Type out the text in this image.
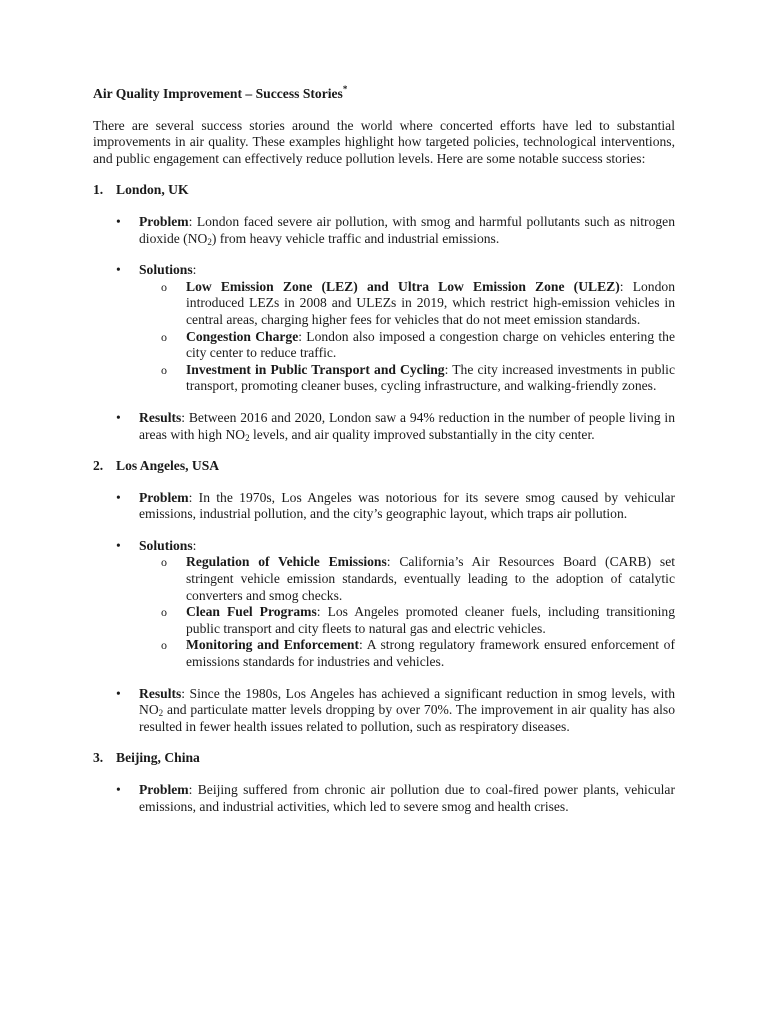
Air Quality Improvement – Success Stories*

There are several success stories around the world where concerted efforts have led to substantial improvements in air quality. These examples highlight how targeted policies, technological interventions, and public engagement can effectively reduce pollution levels. Here are some notable success stories:

1. London, UK
• Problem: London faced severe air pollution, with smog and harmful pollutants such as nitrogen dioxide $(NO_2)$ from heavy vehicle traffic and industrial emissions.
• Solutions:
o Low Emission Zone (LEZ) and Ultra Low Emission Zone (ULEZ): London introduced LEZs in 2008 and ULEZs in 2019, which restrict high-emission vehicles in central areas, charging higher fees for vehicles that do not meet emission standards.
o Congestion Charge: London also imposed a congestion charge on vehicles entering the city center to reduce traffic.
o Investment in Public Transport and Cycling: The city increased investments in public transport, promoting cleaner buses, cycling infrastructure, and walking-friendly zones.
• Results: Between 2016 and 2020, London saw a 94% reduction in the number of people living in areas with high $NO_2$ levels, and air quality improved substantially in the city center.
2. Los Angeles, USA
• Problem: In the 1970s, Los Angeles was notorious for its severe smog caused by vehicular emissions, industrial pollution, and the city’s geographic layout, which traps air pollution.
• Solutions:
o Regulation of Vehicle Emissions: California’s Air Resources Board (CARB) set stringent vehicle emission standards, eventually leading to the adoption of catalytic converters and smog checks.
o Clean Fuel Programs: Los Angeles promoted cleaner fuels, including transitioning public transport and city fleets to natural gas and electric vehicles.
o Monitoring and Enforcement: A strong regulatory framework ensured enforcement of emissions standards for industries and vehicles.
• Results: Since the 1980s, Los Angeles has achieved a significant reduction in smog levels, with $NO_2$ and particulate matter levels dropping by over 70%. The improvement in air quality has also resulted in fewer health issues related to pollution, such as respiratory diseases.
3. Beijing, China
• Problem: Beijing suffered from chronic air pollution due to coal-fired power plants, vehicular emissions, and industrial activities, which led to severe smog and health crises.
